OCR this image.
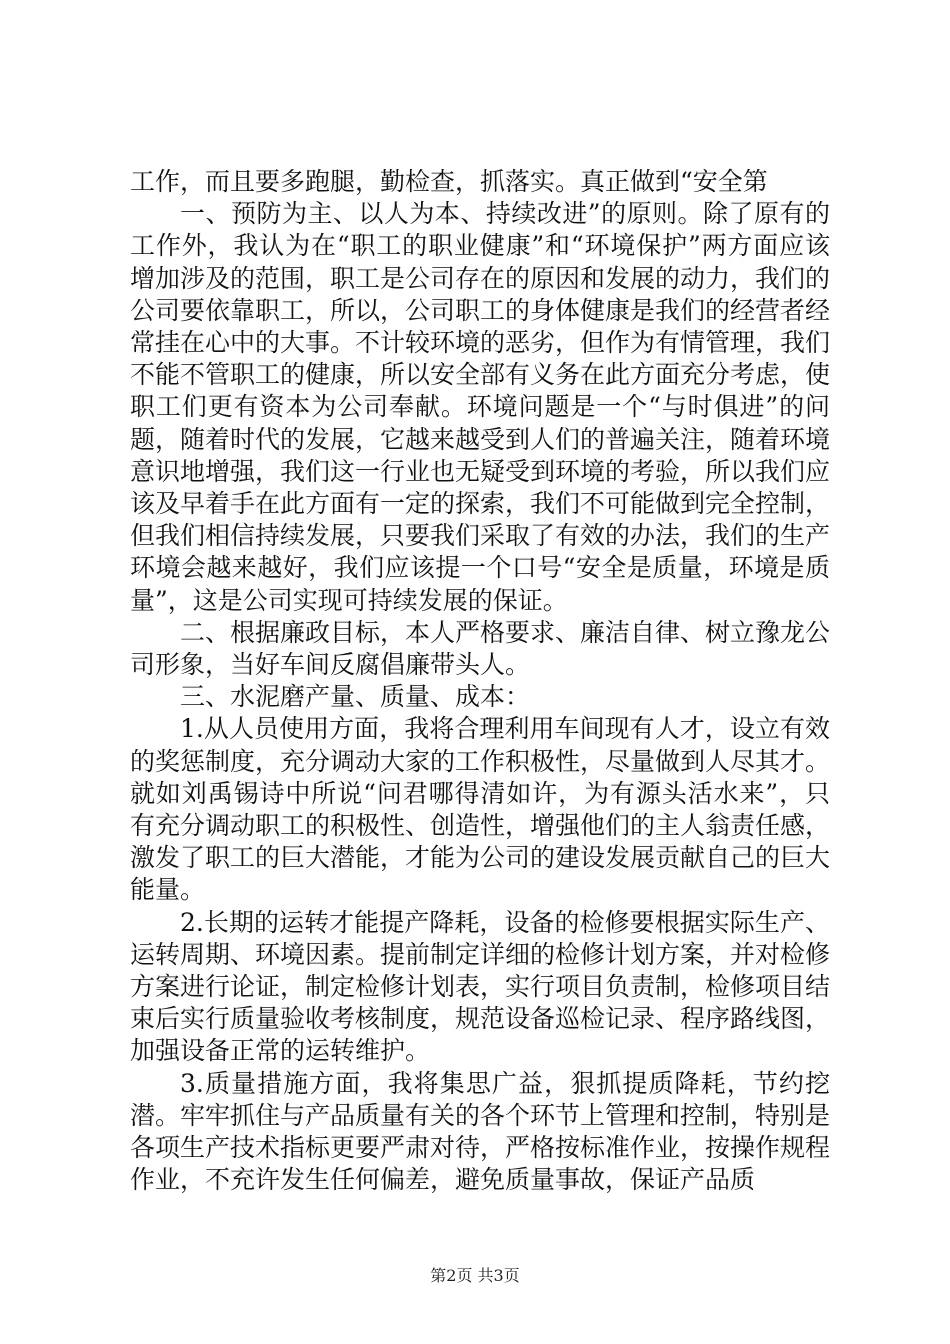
工作，而且要多跑腿，勤检查，抓落实。真正做到“安全第

一、预防为主、以人为本、持续改进”的原则。除了原有的工作外，我认为在“职工的职业健康”和“环境保护”两方面应该增加涉及的范围，职工是公司存在的原因和发展的动力，我们的公司要依靠职工，所以，公司职工的身体健康是我们的经营者经常挂在心中的大事。不计较环境的恶劣，但作为有情管理，我们不能不管职工的健康，所以安全部有义务在此方面充分考虑，使职工们更有资本为公司奉献。环境问题是一个“与时俱进”的问题，随着时代的发展，它越来越受到人们的普遍关注，随着环境意识地增强，我们这一行业也无疑受到环境的考验，所以我们应该及早着手在此方面有一定的探索，我们不可能做到完全控制，但我们相信持续发展，只要我们采取了有效的办法，我们的生产环境会越来越好，我们应该提一个口号“安全是质量，环境是质量”，这是公司实现可持续发展的保证。

二、根据廉政目标，本人严格要求、廉洁自律、树立豫龙公司形象，当好车间反腐倡廉带头人。

三、水泥磨产量、质量、成本：

1.从人员使用方面，我将合理利用车间现有人才，设立有效的奖惩制度，充分调动大家的工作积极性，尽量做到人尽其才。就如刘禹锡诗中所说“问君哪得清如许，为有源头活水来”，只有充分调动职工的积极性、创造性，增强他们的主人翁责任感，激发了职工的巨大潜能，才能为公司的建设发展贡献自己的巨大能量。

2.长期的运转才能提产降耗，设备的检修要根据实际生产、运转周期、环境因素。提前制定详细的检修计划方案，并对检修方案进行论证，制定检修计划表，实行项目负责制，检修项目结束后实行质量验收考核制度，规范设备巡检记录、程序路线图，加强设备正常的运转维护。

3.质量措施方面，我将集思广益，狠抓提质降耗，节约挖潜。牢牢抓住与产品质量有关的各个环节上管理和控制，特别是各项生产技术指标更要严肃对待，严格按标准作业，按操作规程作业，不充许发生任何偏差，避免质量事故，保证产品质

第2页 共3页
